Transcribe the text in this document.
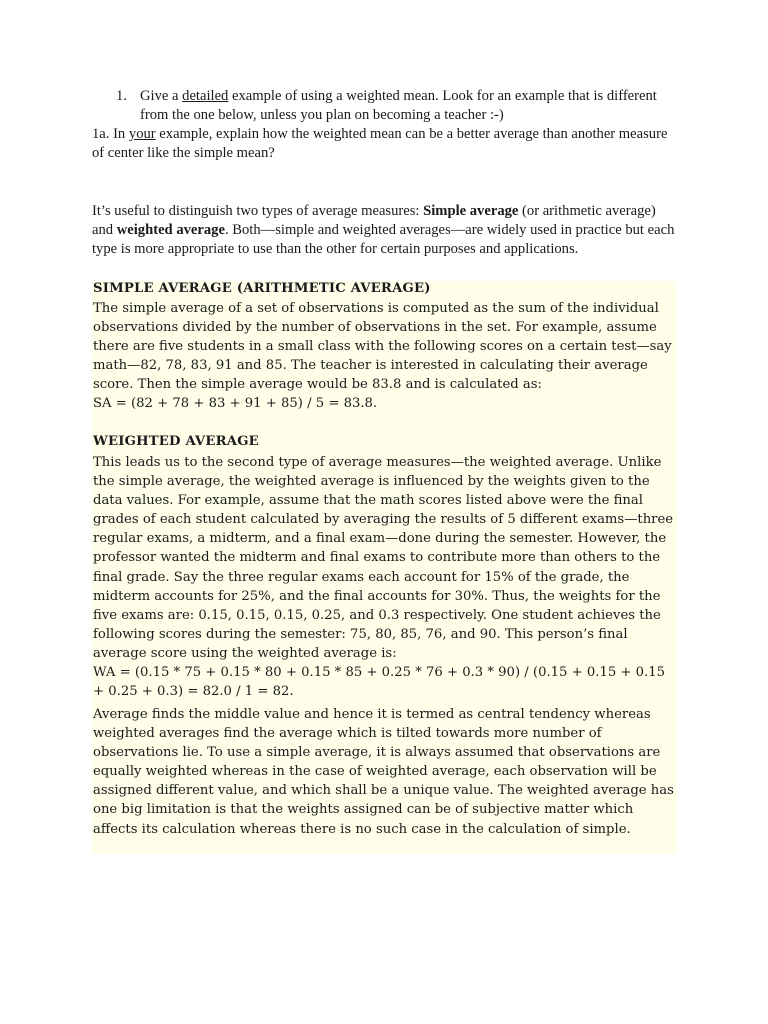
1. Give a detailed example of using a weighted mean. Look for an example that is different from the one below, unless you plan on becoming a teacher :-)
1a. In your example, explain how the weighted mean can be a better average than another measure of center like the simple mean?
It’s useful to distinguish two types of average measures: Simple average (or arithmetic average) and weighted average. Both—simple and weighted averages—are widely used in practice but each type is more appropriate to use than the other for certain purposes and applications.
SIMPLE AVERAGE (ARITHMETIC AVERAGE)

The simple average of a set of observations is computed as the sum of the individual observations divided by the number of observations in the set. For example, assume there are five students in a small class with the following scores on a certain test—say math—82, 78, 83, 91 and 85. The teacher is interested in calculating their average score. Then the simple average would be 83.8 and is calculated as:

SA = (82 + 78 + 83 + 91 + 85) / 5 = 83.8.

WEIGHTED AVERAGE

This leads us to the second type of average measures—the weighted average. Unlike the simple average, the weighted average is influenced by the weights given to the data values. For example, assume that the math scores listed above were the final grades of each student calculated by averaging the results of 5 different exams—three regular exams, a midterm, and a final exam—done during the semester. However, the professor wanted the midterm and final exams to contribute more than others to the final grade. Say the three regular exams each account for 15% of the grade, the midterm accounts for 25%, and the final accounts for 30%. Thus, the weights for the five exams are: 0.15, 0.15, 0.15, 0.25, and 0.3 respectively. One student achieves the following scores during the semester: 75, 80, 85, 76, and 90. This person’s final average score using the weighted average is:

WA = (0.15 * 75 + 0.15 * 80 + 0.15 * 85 + 0.25 * 76 + 0.3 * 90) / (0.15 + 0.15 + 0.15 + 0.25 + 0.3) = 82.0 / 1 = 82.

Average finds the middle value and hence it is termed as central tendency whereas weighted averages find the average which is tilted towards more number of observations lie. To use a simple average, it is always assumed that observations are equally weighted whereas in the case of weighted average, each observation will be assigned different value, and which shall be a unique value. The weighted average has one big limitation is that the weights assigned can be of subjective matter which affects its calculation whereas there is no such case in the calculation of simple.
